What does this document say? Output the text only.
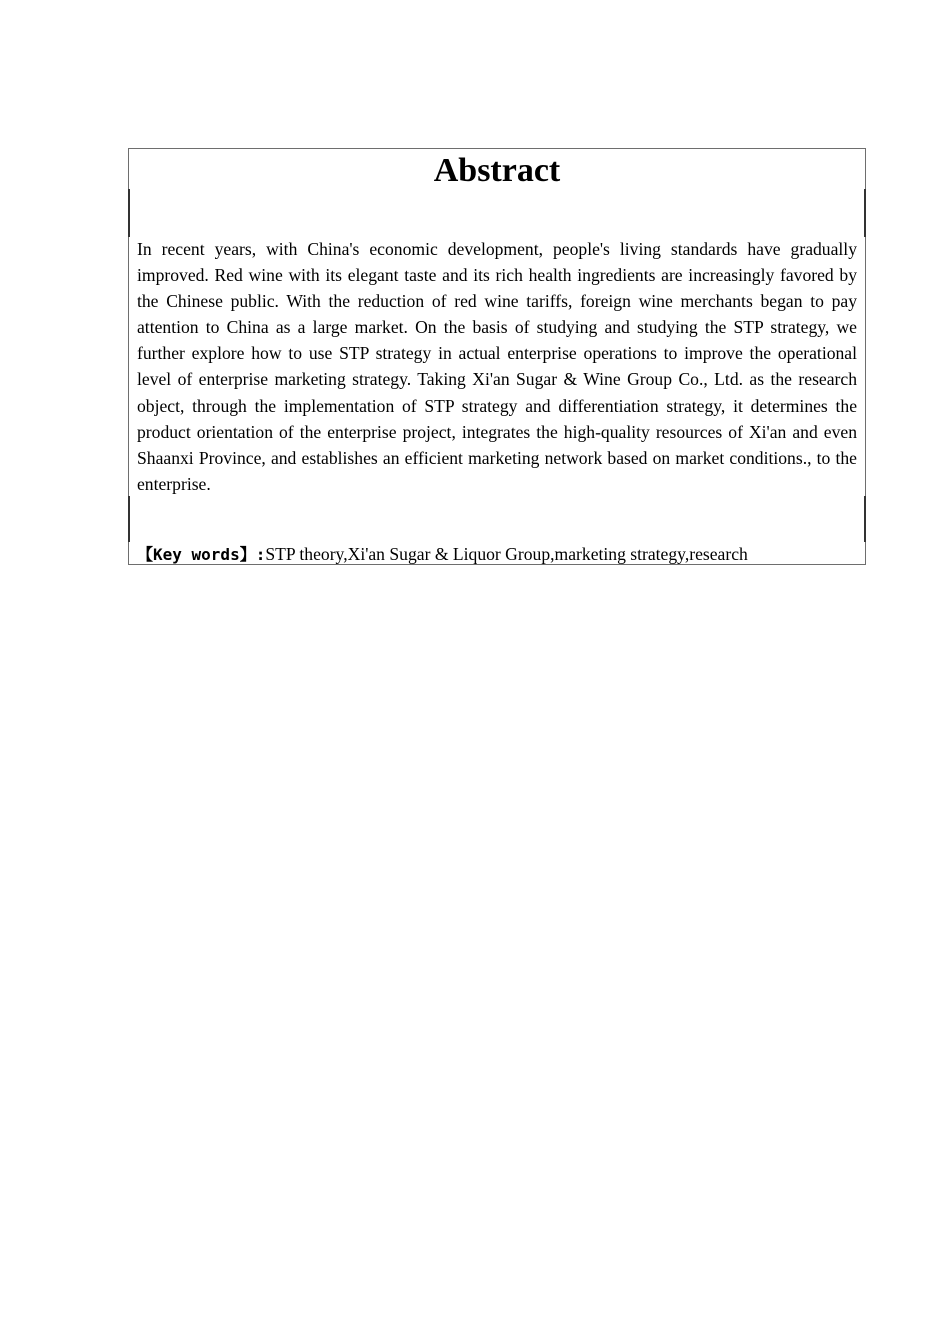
Abstract

In recent years, with China's economic development, people's living standards have gradually improved. Red wine with its elegant taste and its rich health ingredients are increasingly favored by the Chinese public. With the reduction of red wine tariffs, foreign wine merchants began to pay attention to China as a large market. On the basis of studying and studying the STP strategy, we further explore how to use STP strategy in actual enterprise operations to improve the operational level of enterprise marketing strategy. Taking Xi'an Sugar & Wine Group Co., Ltd. as the research object, through the implementation of STP strategy and differentiation strategy, it determines the product orientation of the enterprise project, integrates the high-quality resources of Xi'an and even Shaanxi Province, and establishes an efficient marketing network based on market conditions., to the enterprise.

【Key words】:STP theory,Xi'an Sugar & Liquor Group,marketing strategy,research
